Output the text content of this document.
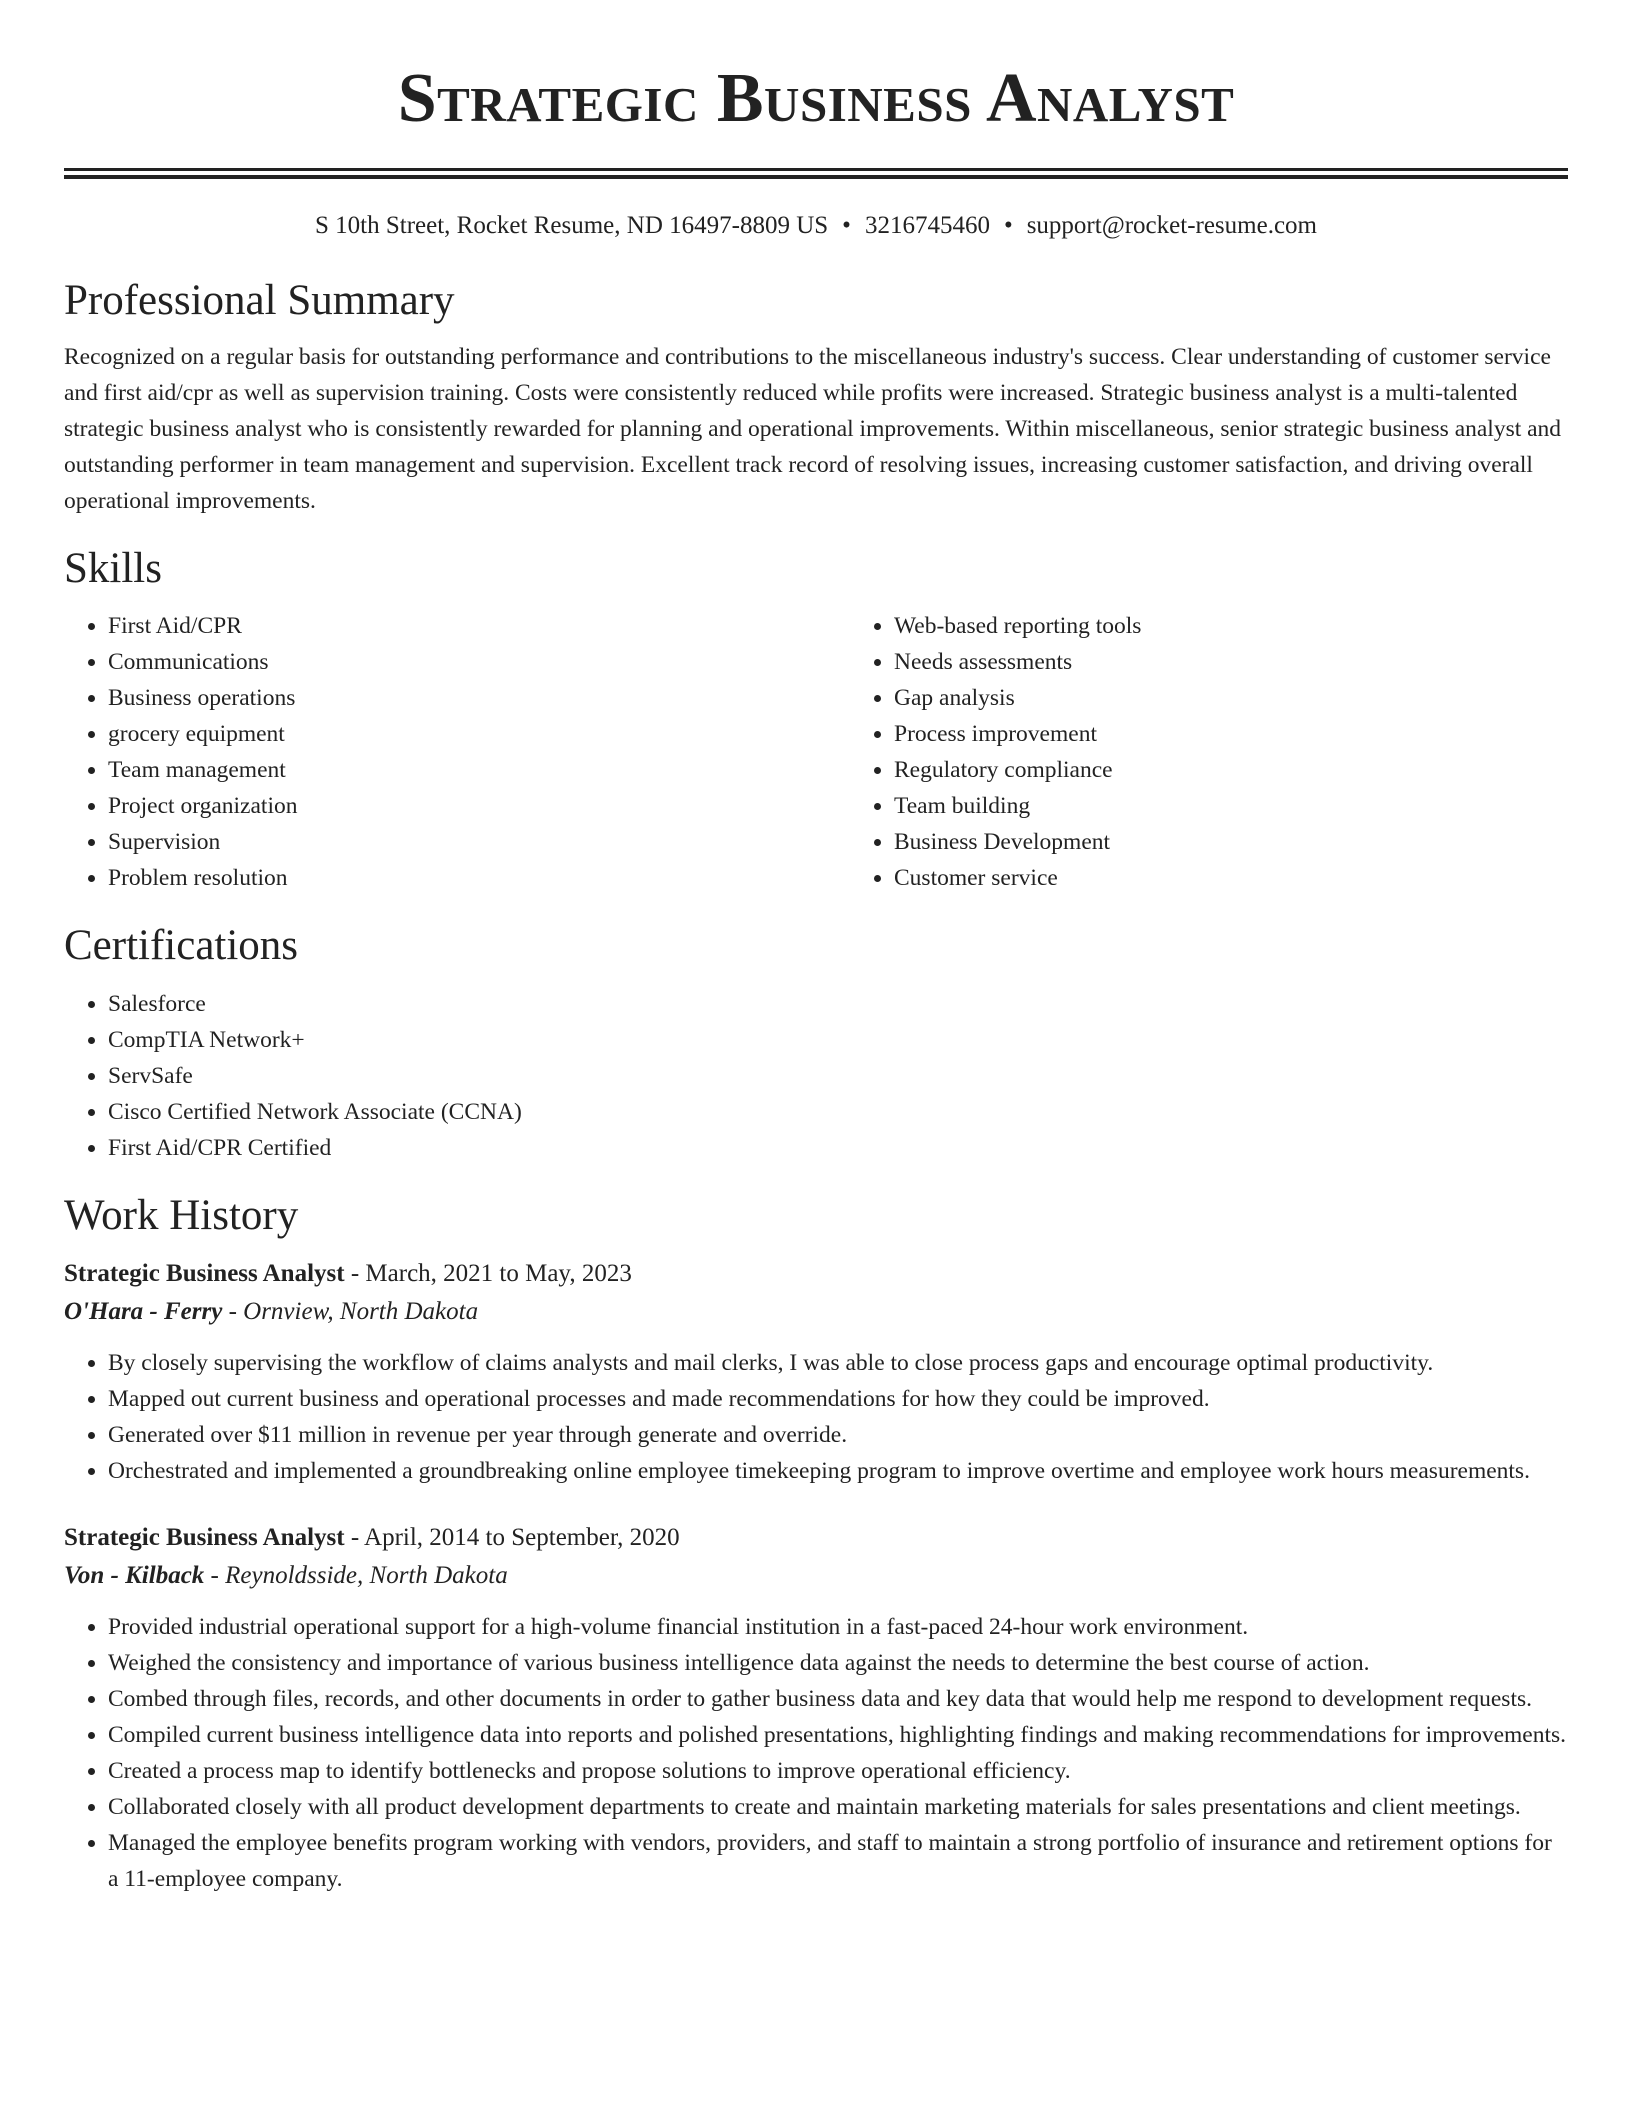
Strategic Business Analyst
S 10th Street, Rocket Resume, ND 16497-8809 US • 3216745460 • support@rocket-resume.com
Professional Summary

Recognized on a regular basis for outstanding performance and contributions to the miscellaneous industry's success. Clear understanding of customer service and first aid/cpr as well as supervision training. Costs were consistently reduced while profits were increased. Strategic business analyst is a multi-talented strategic business analyst who is consistently rewarded for planning and operational improvements. Within miscellaneous, senior strategic business analyst and outstanding performer in team management and supervision. Excellent track record of resolving issues, increasing customer satisfaction, and driving overall operational improvements.

Skills
• First Aid/CPR
• Communications
• Business operations
• grocery equipment
• Team management
• Project organization
• Supervision
• Problem resolution
• Web-based reporting tools
• Needs assessments
• Gap analysis
• Process improvement
• Regulatory compliance
• Team building
• Business Development
• Customer service
Certifications
• Salesforce
• CompTIA Network+
• ServSafe
• Cisco Certified Network Associate (CCNA)
• First Aid/CPR Certified
Work History
Strategic Business Analyst - March, 2021 to May, 2023
O'Hara - Ferry - Ornview, North Dakota
• By closely supervising the workflow of claims analysts and mail clerks, I was able to close process gaps and encourage optimal productivity.
• Mapped out current business and operational processes and made recommendations for how they could be improved.
• Generated over $11 million in revenue per year through generate and override.
• Orchestrated and implemented a groundbreaking online employee timekeeping program to improve overtime and employee work hours measurements.
Strategic Business Analyst - April, 2014 to September, 2020
Von - Kilback - Reynoldsside, North Dakota
• Provided industrial operational support for a high-volume financial institution in a fast-paced 24-hour work environment.
• Weighed the consistency and importance of various business intelligence data against the needs to determine the best course of action.
• Combed through files, records, and other documents in order to gather business data and key data that would help me respond to development requests.
• Compiled current business intelligence data into reports and polished presentations, highlighting findings and making recommendations for improvements.
• Created a process map to identify bottlenecks and propose solutions to improve operational efficiency.
• Collaborated closely with all product development departments to create and maintain marketing materials for sales presentations and client meetings.
• Managed the employee benefits program working with vendors, providers, and staff to maintain a strong portfolio of insurance and retirement options for a 11-employee company.
